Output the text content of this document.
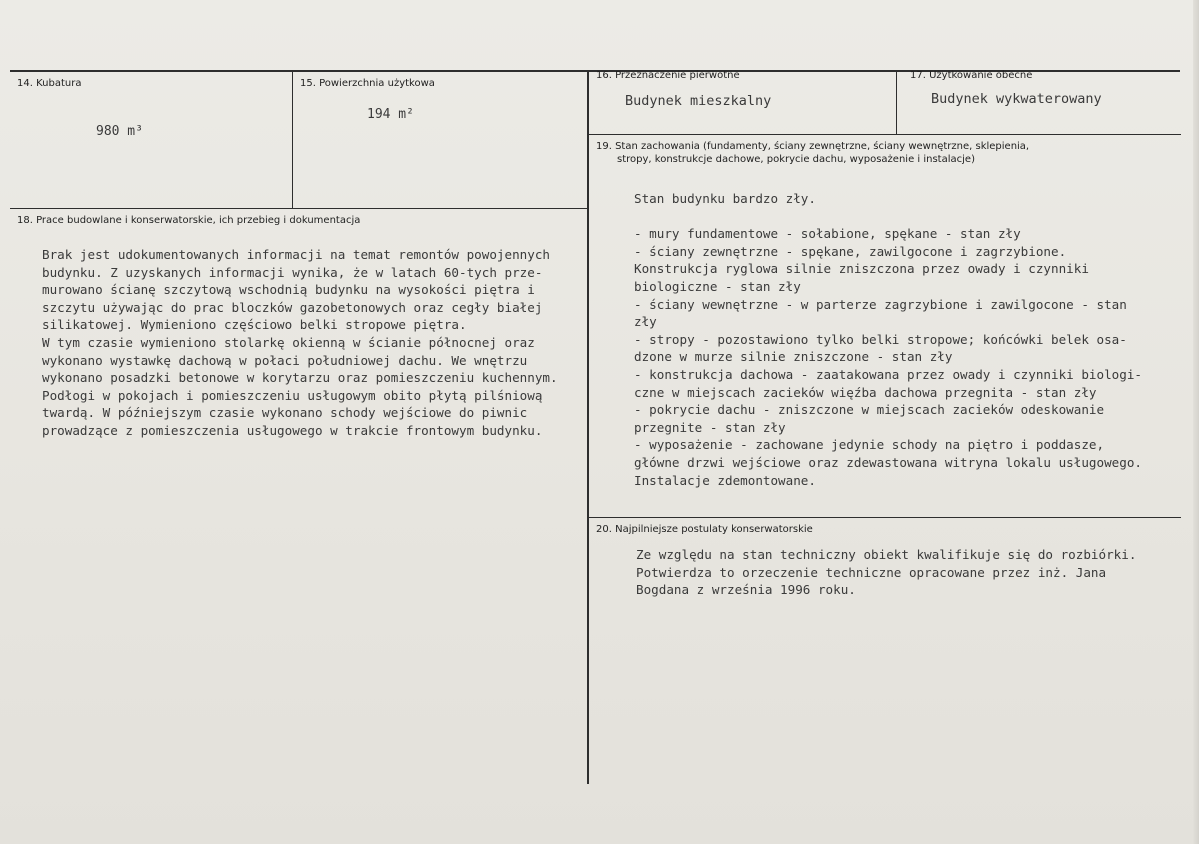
14. Kubatura
980 m³
15. Powierzchnia użytkowa
194 m²
16. Przeznaczenie pierwotne
Budynek mieszkalny
17. Użytkowanie obecne
Budynek wykwaterowany
18. Prace budowlane i konserwatorskie, ich przebieg i dokumentacja
Brak jest udokumentowanych informacji na temat remontów powojennych
budynku. Z uzyskanych informacji wynika, że w latach 60-tych prze-
murowano ścianę szczytową wschodnią budynku na wysokości piętra i
szczytu używając do prac bloczków gazobetonowych oraz cegły białej
silikatowej. Wymieniono częściowo belki stropowe piętra.
W tym czasie wymieniono stolarkę okienną w ścianie północnej oraz
wykonano wystawkę dachową w połaci południowej dachu. We wnętrzu
wykonano posadzki betonowe w korytarzu oraz pomieszczeniu kuchennym.
Podłogi w pokojach i pomieszczeniu usługowym obito płytą pilśniową
twardą. W późniejszym czasie wykonano schody wejściowe do piwnic
prowadzące z pomieszczenia usługowego w trakcie frontowym budynku.
19. Stan zachowania (fundamenty, ściany zewnętrzne, ściany wewnętrzne, sklepienia,
stropy, konstrukcje dachowe, pokrycie dachu, wyposażenie i instalacje)
Stan budynku bardzo zły.

- mury fundamentowe - sołabione, spękane - stan zły
- ściany zewnętrzne - spękane, zawilgocone i zagrzybione.
Konstrukcja ryglowa silnie zniszczona przez owady i czynniki
biologiczne - stan zły
- ściany wewnętrzne - w parterze zagrzybione i zawilgocone - stan
zły
- stropy - pozostawiono tylko belki stropowe; końcówki belek osa-
dzone w murze silnie zniszczone - stan zły
- konstrukcja dachowa - zaatakowana przez owady i czynniki biologi-
czne w miejscach zacieków więźba dachowa przegnita - stan zły
- pokrycie dachu - zniszczone w miejscach zacieków odeskowanie
przegnite - stan zły
- wyposażenie - zachowane jedynie schody na piętro i poddasze,
główne drzwi wejściowe oraz zdewastowana witryna lokalu usługowego.
Instalacje zdemontowane.
20. Najpilniejsze postulaty konserwatorskie
Ze względu na stan techniczny obiekt kwalifikuje się do rozbiórki.
Potwierdza to orzeczenie techniczne opracowane przez inż. Jana
Bogdana z września 1996 roku.
